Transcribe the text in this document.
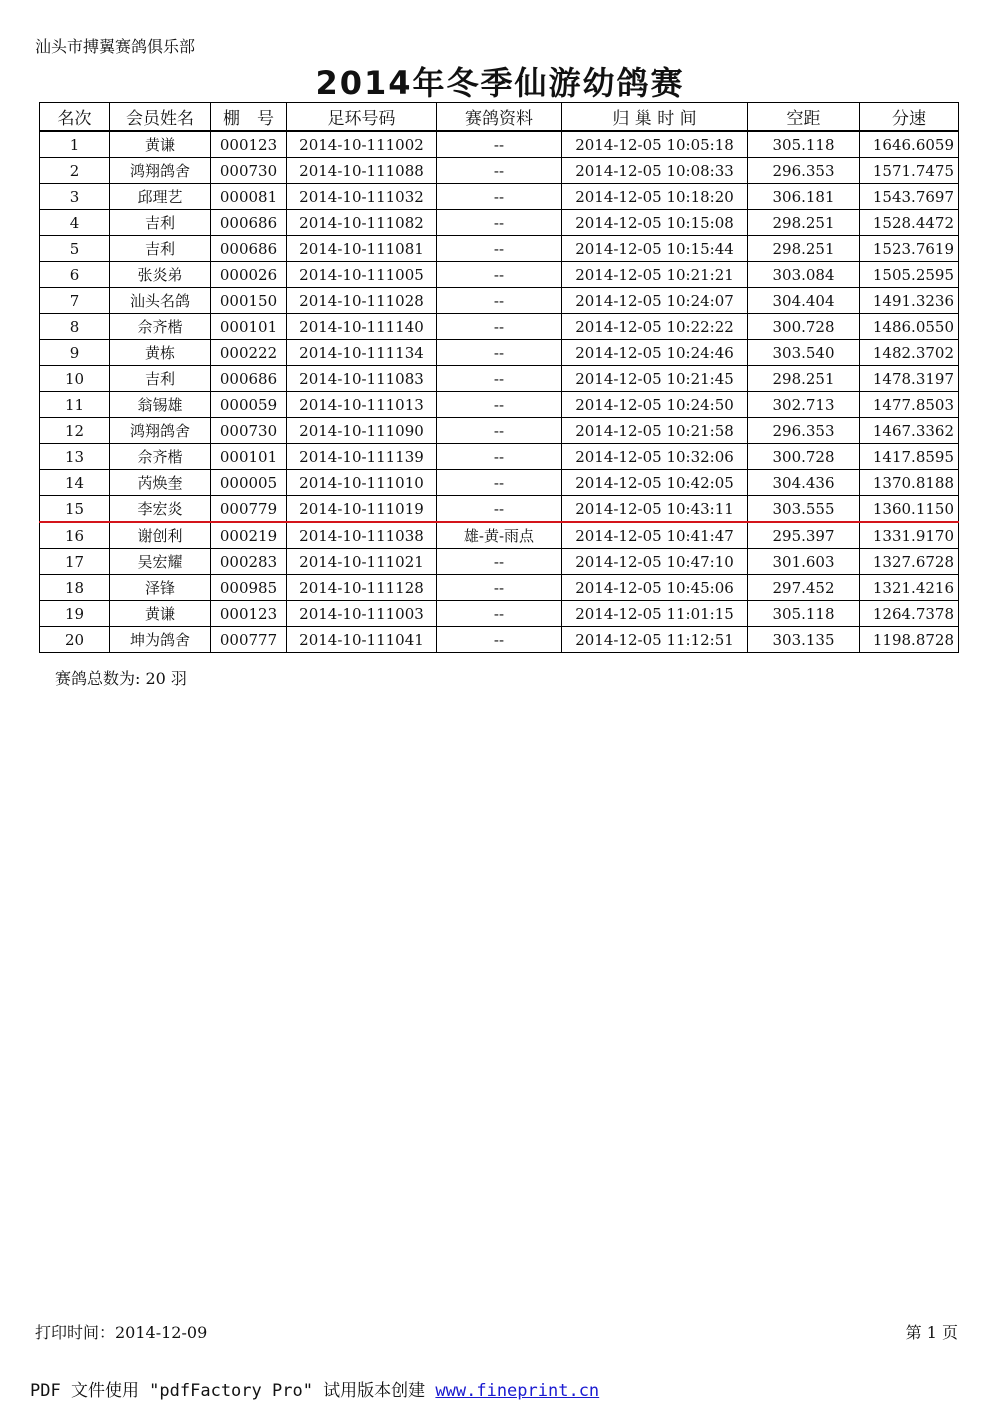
汕头市搏翼赛鸽俱乐部
2014年冬季仙游幼鸽赛
名次	会员姓名	棚　号	足环号码	赛鸽资料	归 巢 时 间	空距	分速
1	黄谦	000123	2014-10-111002	--	2014-12-05 10:05:18	305.118	1646.6059
2	鸿翔鸽舍	000730	2014-10-111088	--	2014-12-05 10:08:33	296.353	1571.7475
3	邱理艺	000081	2014-10-111032	--	2014-12-05 10:18:20	306.181	1543.7697
4	吉利	000686	2014-10-111082	--	2014-12-05 10:15:08	298.251	1528.4472
5	吉利	000686	2014-10-111081	--	2014-12-05 10:15:44	298.251	1523.7619
6	张炎弟	000026	2014-10-111005	--	2014-12-05 10:21:21	303.084	1505.2595
7	汕头名鸽	000150	2014-10-111028	--	2014-12-05 10:24:07	304.404	1491.3236
8	佘齐楷	000101	2014-10-111140	--	2014-12-05 10:22:22	300.728	1486.0550
9	黄栋	000222	2014-10-111134	--	2014-12-05 10:24:46	303.540	1482.3702
10	吉利	000686	2014-10-111083	--	2014-12-05 10:21:45	298.251	1478.3197
11	翁锡雄	000059	2014-10-111013	--	2014-12-05 10:24:50	302.713	1477.8503
12	鸿翔鸽舍	000730	2014-10-111090	--	2014-12-05 10:21:58	296.353	1467.3362
13	佘齐楷	000101	2014-10-111139	--	2014-12-05 10:32:06	300.728	1417.8595
14	芮焕奎	000005	2014-10-111010	--	2014-12-05 10:42:05	304.436	1370.8188
15	李宏炎	000779	2014-10-111019	--	2014-12-05 10:43:11	303.555	1360.1150
16	谢创利	000219	2014-10-111038	雄-黄-雨点	2014-12-05 10:41:47	295.397	1331.9170
17	吴宏耀	000283	2014-10-111021	--	2014-12-05 10:47:10	301.603	1327.6728
18	泽锋	000985	2014-10-111128	--	2014-12-05 10:45:06	297.452	1321.4216
19	黄谦	000123	2014-10-111003	--	2014-12-05 11:01:15	305.118	1264.7378
20	坤为鸽舍	000777	2014-10-111041	--	2014-12-05 11:12:51	303.135	1198.8728
赛鸽总数为: 20 羽
打印时间：2014-12-09	第 1 页
PDF 文件使用 "pdfFactory Pro" 试用版本创建 www.fineprint.cn
